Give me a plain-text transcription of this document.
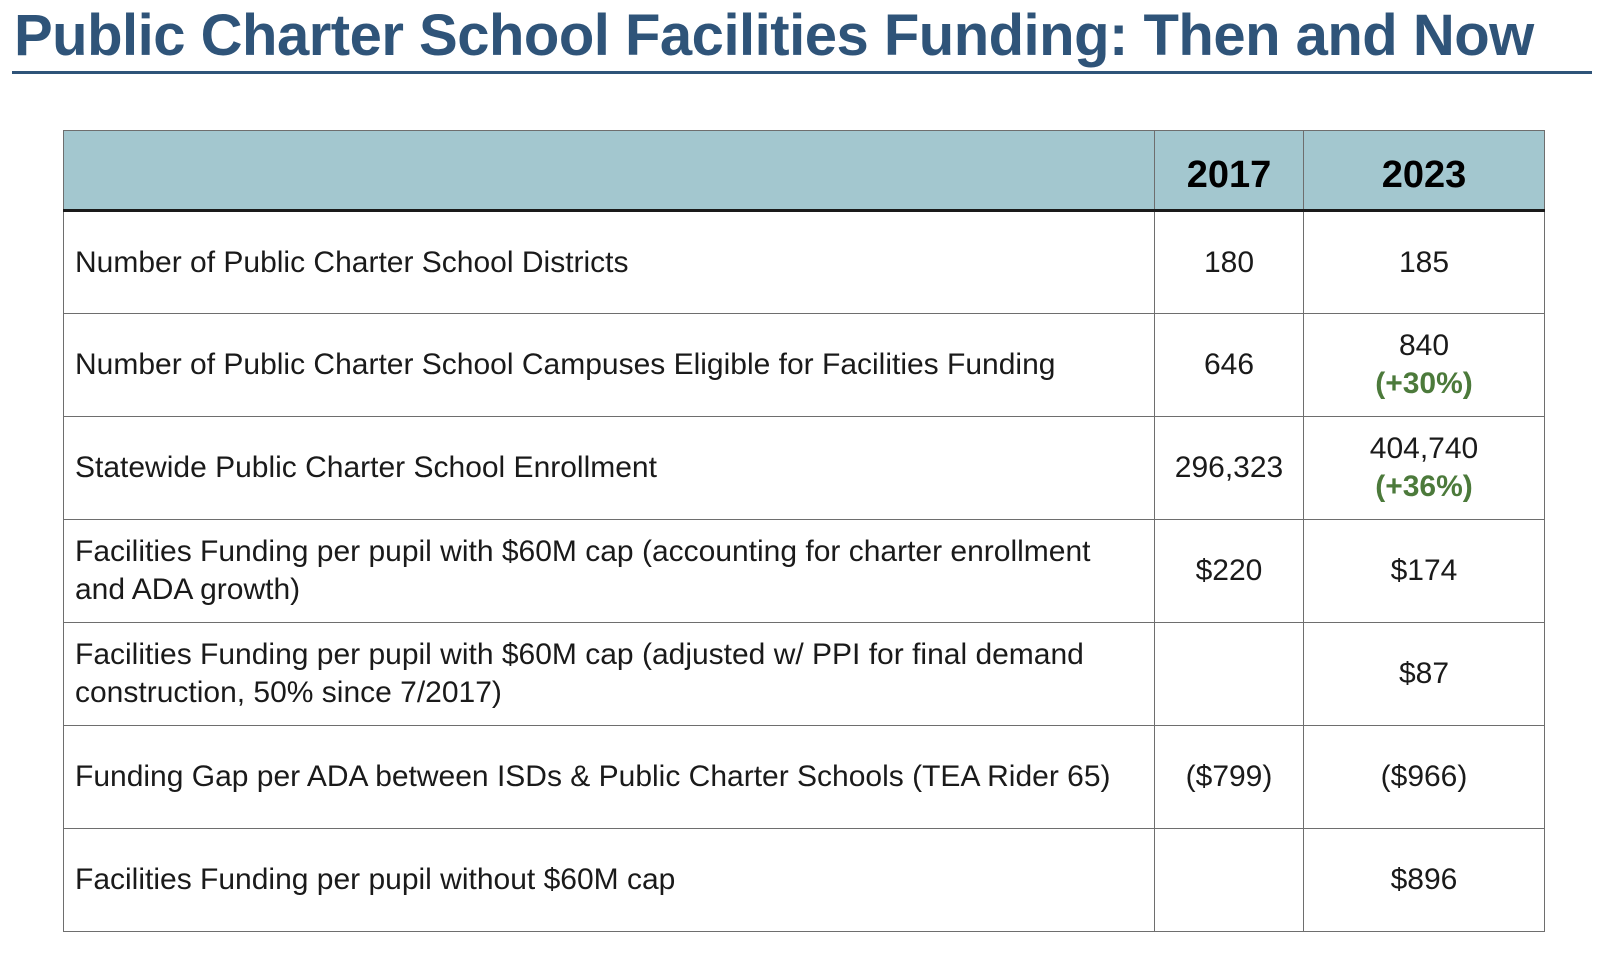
Public Charter School Facilities Funding: Then and Now
	2017	2023
Number of Public Charter School Districts	180	185

Number of Public Charter School Campuses Eligible for Facilities Funding	646	840
(+30%)

Statewide Public Charter School Enrollment	296,323	404,740
(+36%)

Facilities Funding per pupil with $60M cap (accounting for charter enrollment and ADA growth)	$220	$174

Facilities Funding per pupil with $60M cap (adjusted w/ PPI for final demand construction, 50% since 7/2017)		$87

Funding Gap per ADA between ISDs & Public Charter Schools (TEA Rider 65)	($799)	($966)

Facilities Funding per pupil without $60M cap		$896
